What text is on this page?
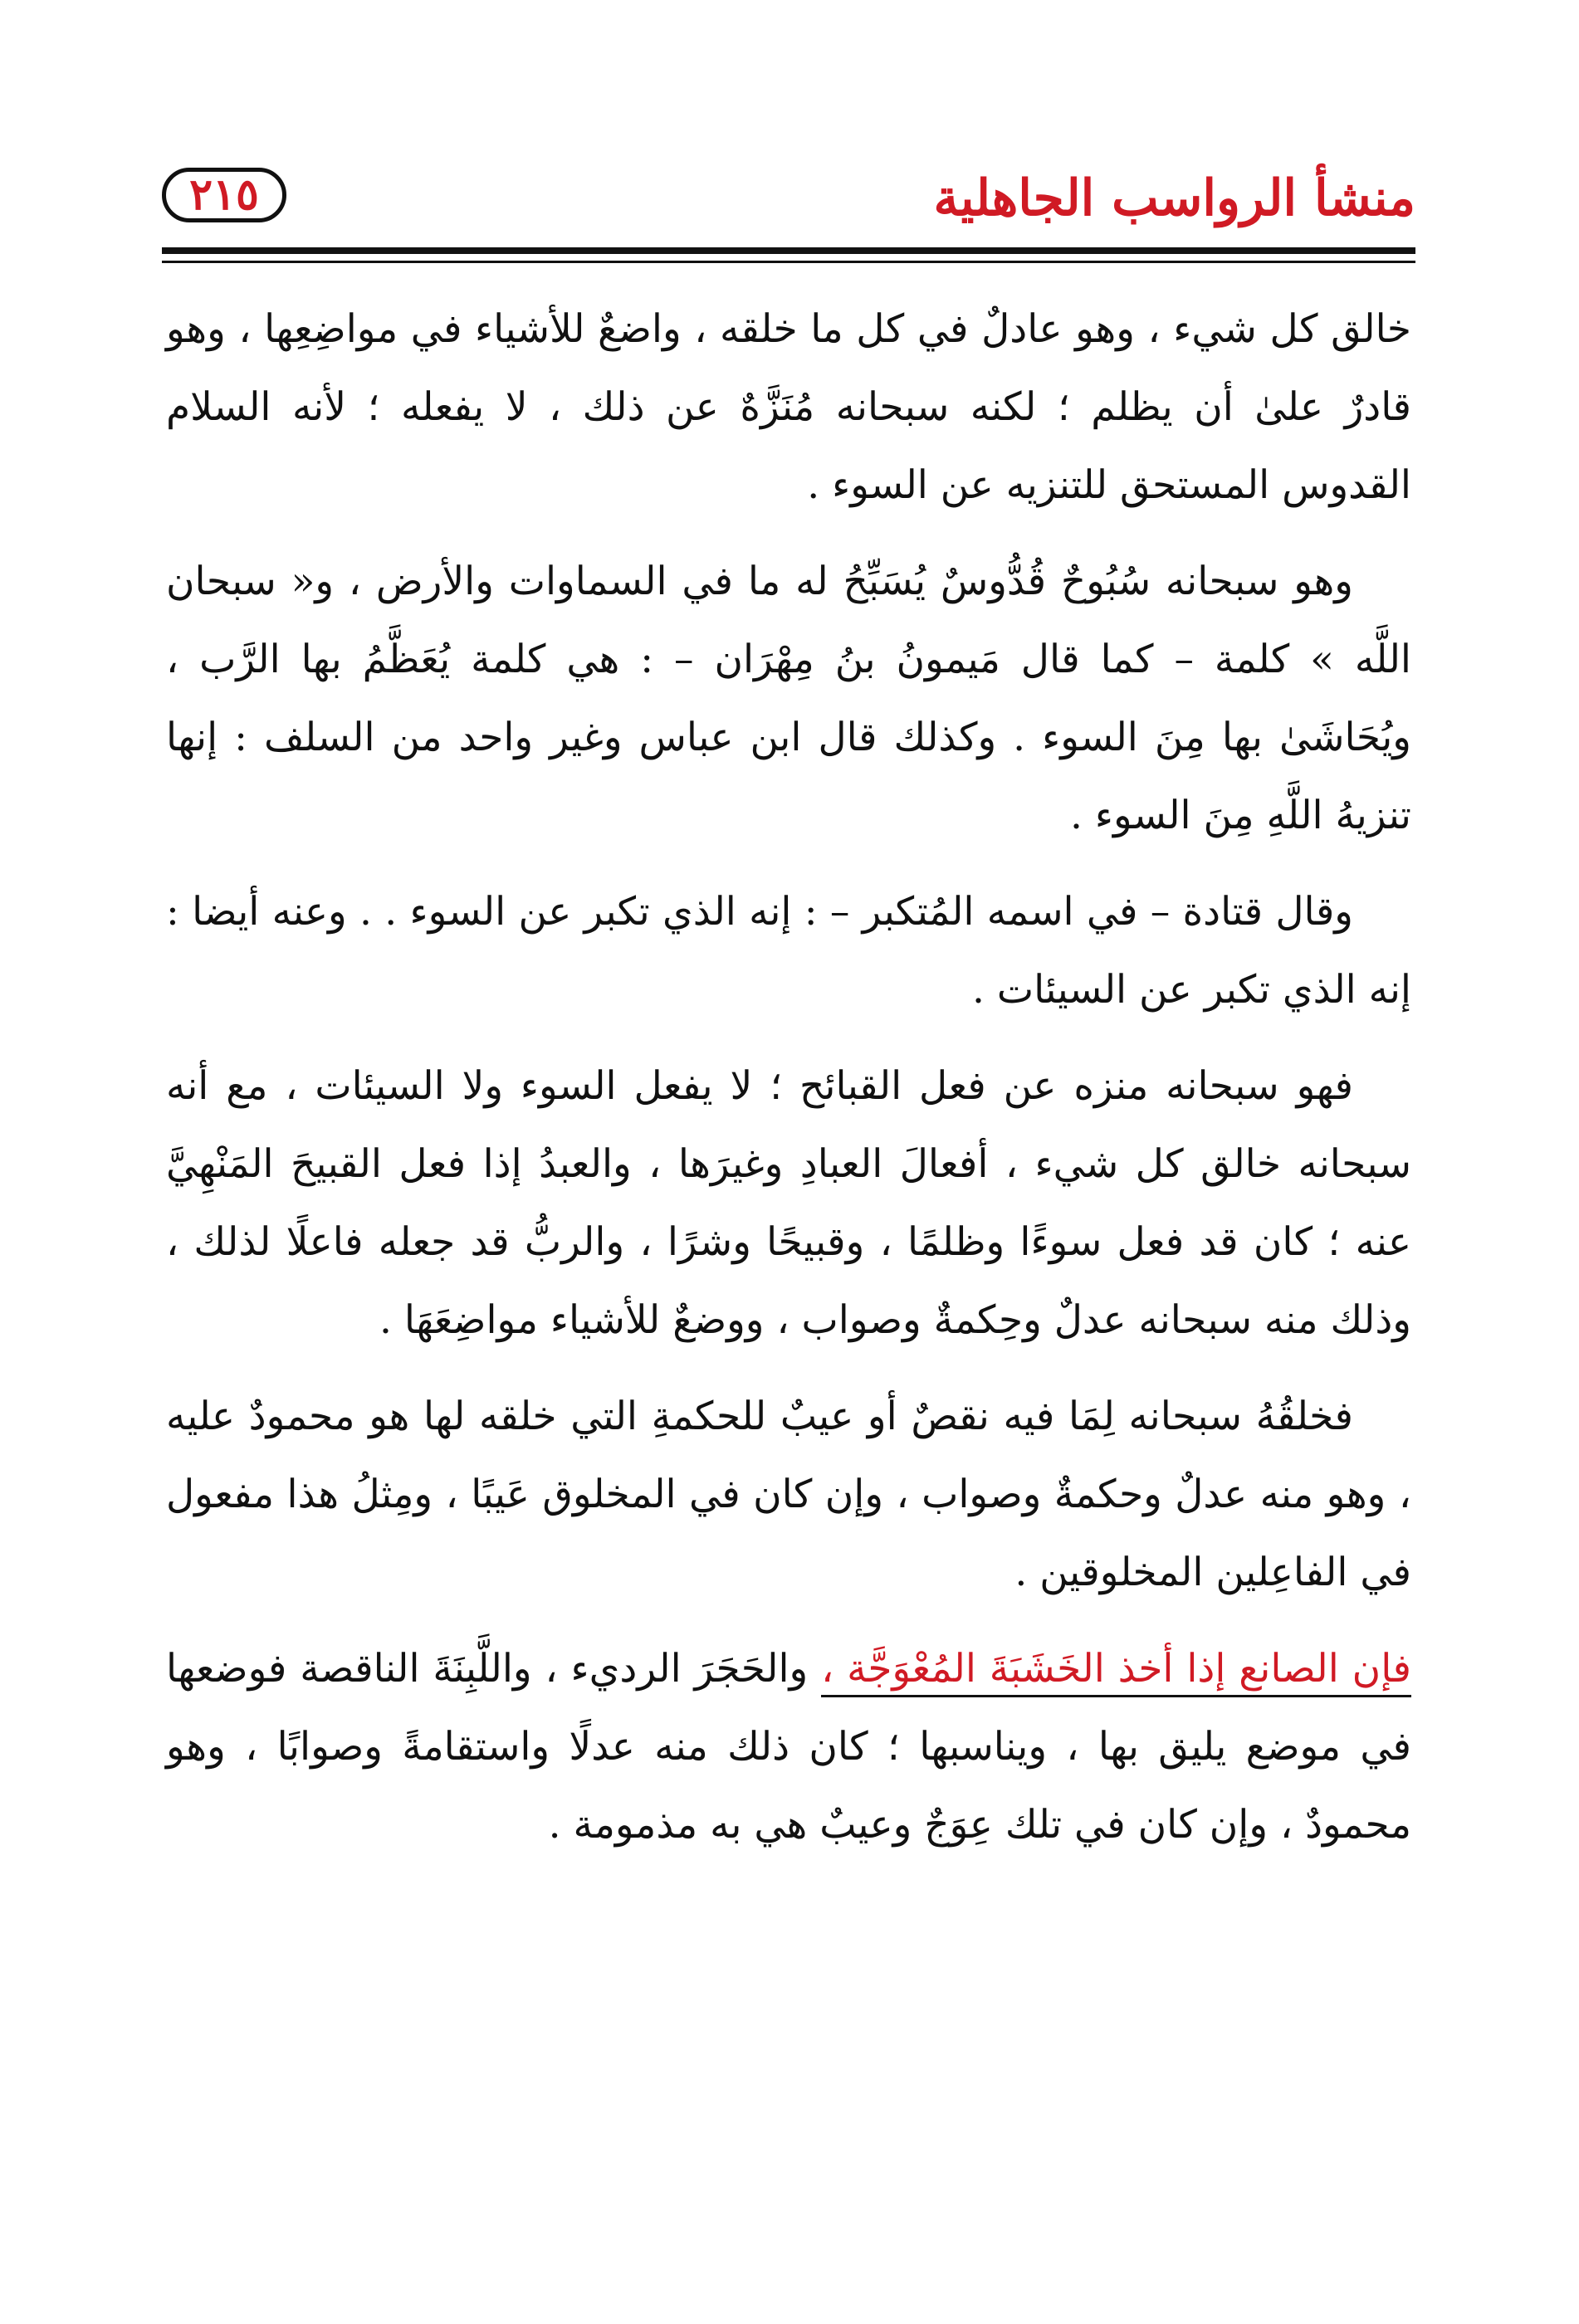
منشأ الرواسب الجاهلية
٢١٥

خالق كل شيء ، وهو عادلٌ في كل ما خلقه ، واضعٌ للأشياء في مواضِعِها ، وهو قادرٌ علىٰ أن يظلم ؛ لكنه سبحانه مُنَزَّهٌ عن ذلك ، لا يفعله ؛ لأنه السلام القدوس المستحق للتنزيه عن السوء .

وهو سبحانه سُبُوحٌ قُدُّوسٌ يُسَبِّحُ له ما في السماوات والأرض ، و« سبحان اللَّه » كلمة – كما قال مَيمونُ بنُ مِهْرَان – : هي كلمة يُعَظَّمُ بها الرَّب ، ويُحَاشَىٰ بها مِنَ السوء . وكذلك قال ابن عباس وغير واحد من السلف : إنها تنزيهُ اللَّهِ مِنَ السوء .

وقال قتادة – في اسمه المُتكبر – : إنه الذي تكبر عن السوء . . وعنه أيضا : إنه الذي تكبر عن السيئات .

فهو سبحانه منزه عن فعل القبائح ؛ لا يفعل السوء ولا السيئات ، مع أنه سبحانه خالق كل شيء ، أفعالَ العبادِ وغيرَها ، والعبدُ إذا فعل القبيحَ المَنْهِيَّ عنه ؛ كان قد فعل سوءًا وظلمًا ، وقبيحًا وشرًا ، والربُّ قد جعله فاعلًا لذلك ، وذلك منه سبحانه عدلٌ وحِكمةٌ وصواب ، ووضعٌ للأشياء مواضِعَهَا .

فخلقُهُ سبحانه لِمَا فيه نقصٌ أو عيبٌ للحكمةِ التي خلقه لها هو محمودٌ عليه ، وهو منه عدلٌ وحكمةٌ وصواب ، وإن كان في المخلوق عَيبًا ، ومِثلُ هذا مفعول في الفاعِلين المخلوقين .

فإن الصانع إذا أخذ الخَشَبَةَ المُعْوَجَّة ، والحَجَرَ الرديء ، واللَّبِنَةَ الناقصة فوضعها في موضع يليق بها ، ويناسبها ؛ كان ذلك منه عدلًا واستقامةً وصوابًا ، وهو محمودٌ ، وإن كان في تلك عِوَجٌ وعيبٌ هي به مذمومة .
